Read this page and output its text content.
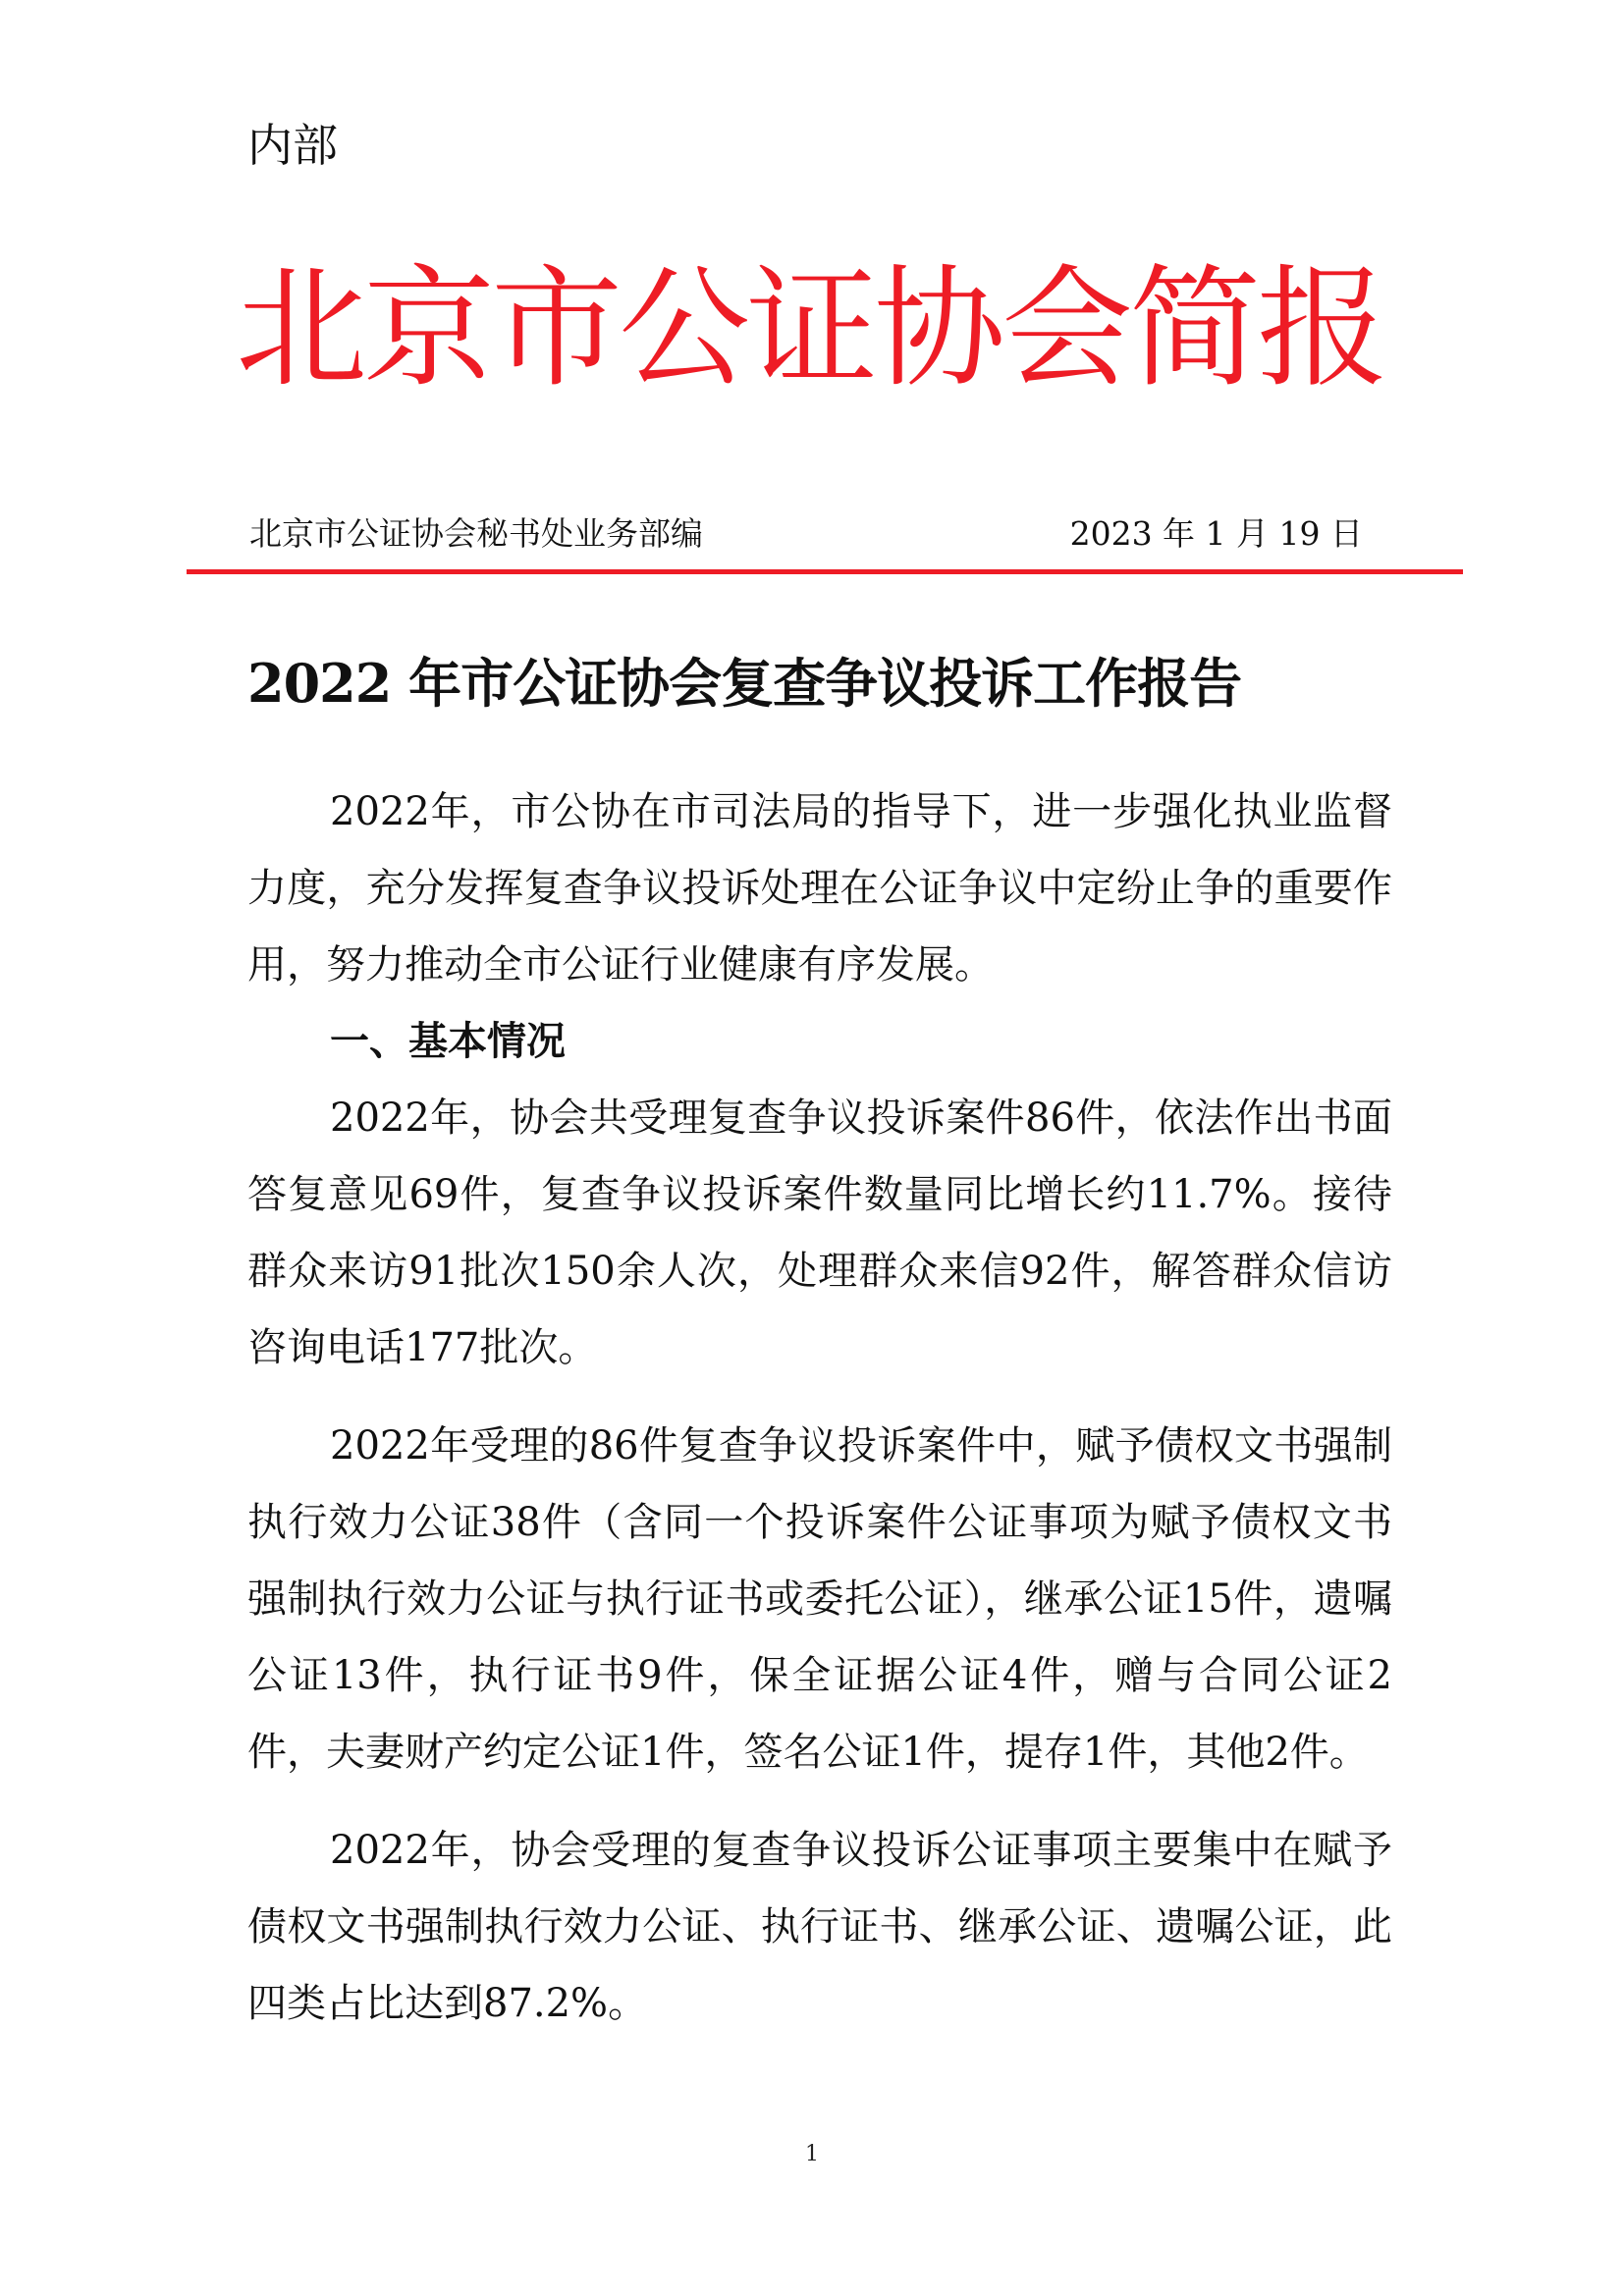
内部
北京市公证协会简报
北京市公证协会秘书处业务部编	2023 年 1 月 19 日
2022 年市公证协会复查争议投诉工作报告

2022年，市公协在市司法局的指导下，进一步强化执业监督力度，充分发挥复查争议投诉处理在公证争议中定纷止争的重要作用，努力推动全市公证行业健康有序发展。

一、基本情况

2022年，协会共受理复查争议投诉案件86件，依法作出书面答复意见69件，复查争议投诉案件数量同比增长约11.7%。接待群众来访91批次150余人次，处理群众来信92件，解答群众信访咨询电话177批次。

2022年受理的86件复查争议投诉案件中，赋予债权文书强制执行效力公证38件（含同一个投诉案件公证事项为赋予债权文书强制执行效力公证与执行证书或委托公证），继承公证15件，遗嘱公证13件，执行证书9件，保全证据公证4件，赠与合同公证2件，夫妻财产约定公证1件，签名公证1件，提存1件，其他2件。

2022年，协会受理的复查争议投诉公证事项主要集中在赋予债权文书强制执行效力公证、执行证书、继承公证、遗嘱公证，此四类占比达到87.2%。

1
